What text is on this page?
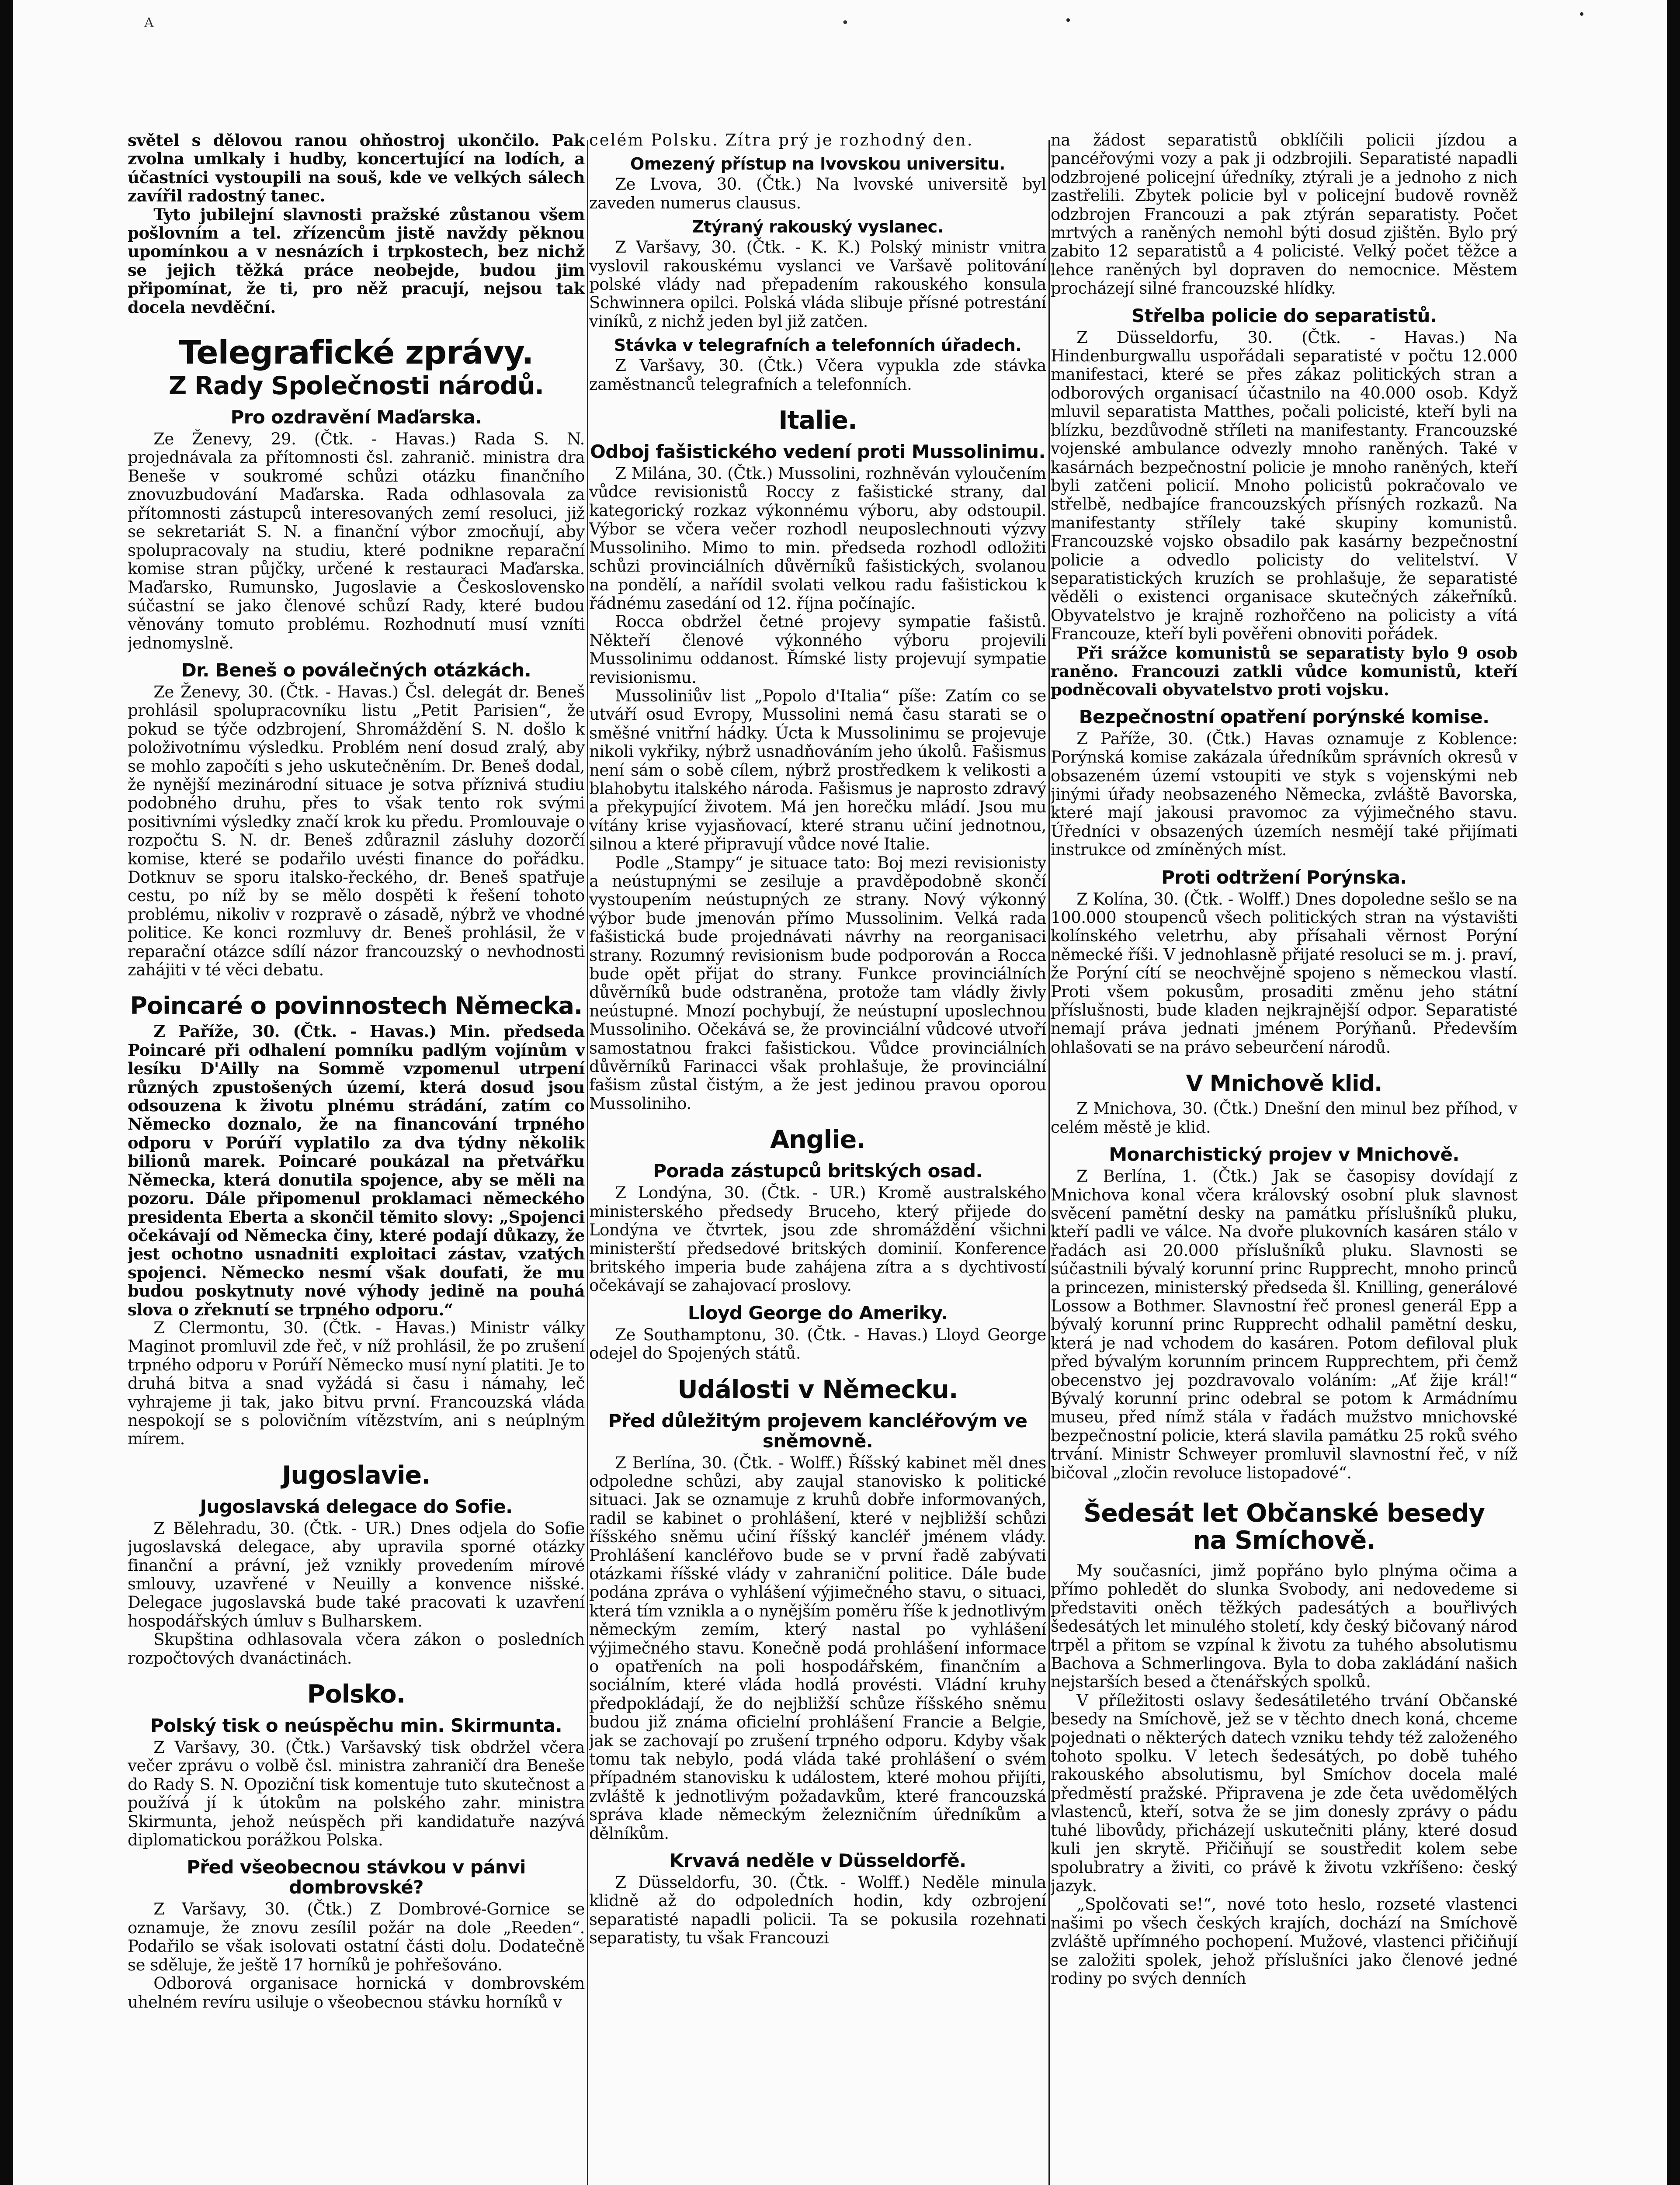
A	•

světel s dělovou ranou ohňostroj ukončilo. Pak zvolna umlkaly i hudby, koncertující na lodích, a účastníci vystoupili na souš, kde ve velkých sálech zavířil radostný tanec.

Tyto jubilejní slavnosti pražské zůstanou všem pošlovním a tel. zřízencům jistě navždy pěknou upomínkou a v nesnázích i trpkostech, bez nichž se jejich těžká práce neobejde, budou jim připomínat, že ti, pro něž pracují, nejsou tak docela nevděční.

Telegrafické zprávy.
Z Rady Společnosti národů.
Pro ozdravění Maďarska.

Ze Ženevy, 29. (Čtk. - Havas.) Rada S. N. projednávala za přítomnosti čsl. zahranič. ministra dra Beneše v soukromé schůzi otázku finančního znovuzbudování Maďarska. Rada odhlasovala za přítomnosti zástupců interesovaných zemí resoluci, již se sekretariát S. N. a finanční výbor zmocňují, aby spolupracovaly na studiu, které podnikne reparační komise stran půjčky, určené k restauraci Maďarska. Maďarsko, Rumunsko, Jugoslavie a Československo súčastní se jako členové schůzí Rady, které budou věnovány tomuto problému. Rozhodnutí musí vzníti jednomyslně.

Dr. Beneš o poválečných otázkách.

Ze Ženevy, 30. (Čtk. - Havas.) Čsl. delegát dr. Beneš prohlásil spolupracovníku listu „Petit Parisien“, že pokud se týče odzbrojení, Shromáždění S. N. došlo k položivotnímu výsledku. Problém není dosud zralý, aby se mohlo započíti s jeho uskutečněním. Dr. Beneš dodal, že nynější mezinárodní situace je sotva příznivá studiu podobného druhu, přes to však tento rok svými positivními výsledky značí krok ku předu. Promlouvaje o rozpočtu S. N. dr. Beneš zdůraznil zásluhy dozorčí komise, které se podařilo uvésti finance do pořádku. Dotknuv se sporu italsko-řeckého, dr. Beneš spatřuje cestu, po níž by se mělo dospěti k řešení tohoto problému, nikoliv v rozpravě o zásadě, nýbrž ve vhodné politice. Ke konci rozmluvy dr. Beneš prohlásil, že v reparační otázce sdílí názor francouzský o nevhodnosti zahájiti v té věci debatu.

Poincaré o povinnostech Německa.

Z Paříže, 30. (Čtk. - Havas.) Min. předseda Poincaré při odhalení pomníku padlým vojínům v lesíku D'Ailly na Sommě vzpomenul utrpení různých zpustošených území, která dosud jsou odsouzena k životu plnému strádání, zatím co Německo doznalo, že na financování trpného odporu v Porúří vyplatilo za dva týdny několik bilionů marek. Poincaré poukázal na přetvářku Německa, která donutila spojence, aby se měli na pozoru. Dále připomenul proklamaci německého presidenta Eberta a skončil těmito slovy: „Spojenci očekávají od Německa činy, které podají důkazy, že jest ochotno usnadniti exploitaci zástav, vzatých spojenci. Německo nesmí však doufati, že mu budou poskytnuty nové výhody jedině na pouhá slova o zřeknutí se trpného odporu.“

Z Clermontu, 30. (Čtk. - Havas.) Ministr války Maginot promluvil zde řeč, v níž prohlásil, že po zrušení trpného odporu v Porúří Německo musí nyní platiti. Je to druhá bitva a snad vyžádá si času i námahy, leč vyhrajeme ji tak, jako bitvu první. Francouzská vláda nespokojí se s polovičním vítězstvím, ani s neúplným mírem.

Jugoslavie.
Jugoslavská delegace do Sofie.

Z Bělehradu, 30. (Čtk. - UR.) Dnes odjela do Sofie jugoslavská delegace, aby upravila sporné otázky finanční a právní, jež vznikly provedením mírové smlouvy, uzavřené v Neuilly a konvence nišské. Delegace jugoslavská bude také pracovati k uzavření hospodářských úmluv s Bulharskem.

Skupština odhlasovala včera zákon o posledních rozpočtových dvanáctinách.

Polsko.
Polský tisk o neúspěchu min. Skirmunta.

Z Varšavy, 30. (Čtk.) Varšavský tisk obdržel včera večer zprávu o volbě čsl. ministra zahraničí dra Beneše do Rady S. N. Opoziční tisk komentuje tuto skutečnost a používá jí k útokům na polského zahr. ministra Skirmunta, jehož neúspěch při kandidatuře nazývá diplomatickou porážkou Polska.

Před všeobecnou stávkou v pánvi dombrovské?

Z Varšavy, 30. (Čtk.) Z Dombrové-Gornice se oznamuje, že znovu zesílil požár na dole „Reeden“. Podařilo se však isolovati ostatní části dolu. Dodatečně se sděluje, že ještě 17 horníků je pohřešováno.

Odborová organisace hornická v dombrovském uhelném revíru usiluje o všeobecnou stávku horníků v

celém Polsku. Zítra prý je rozhodný den.

Omezený přístup na lvovskou universitu.

Ze Lvova, 30. (Čtk.) Na lvovské universitě byl zaveden numerus clausus.

Ztýraný rakouský vyslanec.

Z Varšavy, 30. (Čtk. - K. K.) Polský ministr vnitra vyslovil rakouskému vyslanci ve Varšavě politování polské vlády nad přepadením rakouského konsula Schwinnera opilci. Polská vláda slibuje přísné potrestání viníků, z nichž jeden byl již zatčen.

Stávka v telegrafních a telefonních úřadech.

Z Varšavy, 30. (Čtk.) Včera vypukla zde stávka zaměstnanců telegrafních a telefonních.

Italie.
Odboj fašistického vedení proti Mussolinimu.

Z Milána, 30. (Čtk.) Mussolini, rozhněván vyloučením vůdce revisionistů Roccy z fašistické strany, dal kategorický rozkaz výkonnému výboru, aby odstoupil. Výbor se včera večer rozhodl neuposlechnouti výzvy Mussoliniho. Mimo to min. předseda rozhodl odložiti schůzi provinciálních důvěrníků fašistických, svolanou na pondělí, a nařídil svolati velkou radu fašistickou k řádnému zasedání od 12. října počínajíc.

Rocca obdržel četné projevy sympatie fašistů. Někteří členové výkonného výboru projevili Mussolinimu oddanost. Římské listy projevují sympatie revisionismu.

Mussoliniův list „Popolo d'Italia“ píše: Zatím co se utváří osud Evropy, Mussolini nemá času starati se o směšné vnitřní hádky. Úcta k Mussolinimu se projevuje nikoli vykřiky, nýbrž usnadňováním jeho úkolů. Fašismus není sám o sobě cílem, nýbrž prostředkem k velikosti a blahobytu italského národa. Fašismus je naprosto zdravý a překypující životem. Má jen horečku mládí. Jsou mu vítány krise vyjasňovací, které stranu učiní jednotnou, silnou a které připravují vůdce nové Italie.

Podle „Stampy“ je situace tato: Boj mezi revisionisty a neústupnými se zesiluje a pravděpodobně skončí vystoupením neústupných ze strany. Nový výkonný výbor bude jmenován přímo Mussolinim. Velká rada fašistická bude projednávati návrhy na reorganisaci strany. Rozumný revisionism bude podporován a Rocca bude opět přijat do strany. Funkce provinciálních důvěrníků bude odstraněna, protože tam vládly živly neústupné. Mnozí pochybují, že neústupní uposlechnou Mussoliniho. Očekává se, že provinciální vůdcové utvoří samostatnou frakci fašistickou. Vůdce provinciálních důvěrníků Farinacci však prohlašuje, že provinciální fašism zůstal čistým, a že jest jedinou pravou oporou Mussoliniho.

Anglie.
Porada zástupců britských osad.

Z Londýna, 30. (Čtk. - UR.) Kromě australského ministerského předsedy Bruceho, který přijede do Londýna ve čtvrtek, jsou zde shromáždění všichni ministerští předsedové britských dominií. Konference britského imperia bude zahájena zítra a s dychtivostí očekávají se zahajovací proslovy.

Lloyd George do Ameriky.

Ze Southamptonu, 30. (Čtk. - Havas.) Lloyd George odejel do Spojených států.

Události v Německu.
Před důležitým projevem kancléřovým ve sněmovně.

Z Berlína, 30. (Čtk. - Wolff.) Říšský kabinet měl dnes odpoledne schůzi, aby zaujal stanovisko k politické situaci. Jak se oznamuje z kruhů dobře informovaných, radil se kabinet o prohlášení, které v nejbližší schůzi říšského sněmu učiní říšský kancléř jménem vlády. Prohlášení kancléřovo bude se v první řadě zabývati otázkami říšské vlády v zahraniční politice. Dále bude podána zpráva o vyhlášení výjimečného stavu, o situaci, která tím vznikla a o nynějším poměru říše k jednotlivým německým zemím, který nastal po vyhlášení výjimečného stavu. Konečně podá prohlášení informace o opatřeních na poli hospodářském, finančním a sociálním, které vláda hodlá provésti. Vládní kruhy předpokládají, že do nejbližší schůze říšského sněmu budou již známa oficielní prohlášení Francie a Belgie, jak se zachovají po zrušení trpného odporu. Kdyby však tomu tak nebylo, podá vláda také prohlášení o svém případném stanovisku k událostem, které mohou přijíti, zvláště k jednotlivým požadavkům, které francouzská správa klade německým železničním úředníkům a dělníkům.

Krvavá neděle v Düsseldorfě.

Z Düsseldorfu, 30. (Čtk. - Wolff.) Neděle minula klidně až do odpoledních hodin, kdy ozbrojení separatisté napadli policii. Ta se pokusila rozehnati separatisty, tu však Francouzi

na žádost separatistů obklíčili policii jízdou a pancéřovými vozy a pak ji odzbrojili. Separatisté napadli odzbrojené policejní úředníky, ztýrali je a jednoho z nich zastřelili. Zbytek policie byl v policejní budově rovněž odzbrojen Francouzi a pak ztýrán separatisty. Počet mrtvých a raněných nemohl býti dosud zjištěn. Bylo prý zabito 12 separatistů a 4 policisté. Velký počet těžce a lehce raněných byl dopraven do nemocnice. Městem procházejí silné francouzské hlídky.

Střelba policie do separatistů.

Z Düsseldorfu, 30. (Čtk. - Havas.) Na Hindenburgwallu uspořádali separatisté v počtu 12.000 manifestaci, které se přes zákaz politických stran a odborových organisací účastnilo na 40.000 osob. Když mluvil separatista Matthes, počali policisté, kteří byli na blízku, bezdůvodně stříleti na manifestanty. Francouzské vojenské ambulance odvezly mnoho raněných. Také v kasárnách bezpečnostní policie je mnoho raněných, kteří byli zatčeni policií. Mnoho policistů pokračovalo ve střelbě, nedbajíce francouzských přísných rozkazů. Na manifestanty střílely také skupiny komunistů. Francouzské vojsko obsadilo pak kasárny bezpečnostní policie a odvedlo policisty do velitelství. V separatistických kruzích se prohlašuje, že separatisté věděli o existenci organisace skutečných zákeřníků. Obyvatelstvo je krajně rozhořčeno na policisty a vítá Francouze, kteří byli pověřeni obnoviti pořádek.

Při srážce komunistů se separatisty bylo 9 osob raněno. Francouzi zatkli vůdce komunistů, kteří podněcovali obyvatelstvo proti vojsku.

Bezpečnostní opatření porýnské komise.

Z Paříže, 30. (Čtk.) Havas oznamuje z Koblence: Porýnská komise zakázala úředníkům správních okresů v obsazeném území vstoupiti ve styk s vojenskými neb jinými úřady neobsazeného Německa, zvláště Bavorska, které mají jakousi pravomoc za výjimečného stavu. Úředníci v obsazených územích nesmějí také přijímati instrukce od zmíněných míst.

Proti odtržení Porýnska.

Z Kolína, 30. (Čtk. - Wolff.) Dnes dopoledne sešlo se na 100.000 stoupenců všech politických stran na výstavišti kolínského veletrhu, aby přísahali věrnost Porýní německé říši. V jednohlasně přijaté resoluci se m. j. praví, že Porýní cítí se neochvějně spojeno s německou vlastí. Proti všem pokusům, prosaditi změnu jeho státní příslušnosti, bude kladen nejkrajnější odpor. Separatisté nemají práva jednati jménem Porýňanů. Především ohlašovati se na právo sebeurčení národů.

V Mnichově klid.

Z Mnichova, 30. (Čtk.) Dnešní den minul bez příhod, v celém městě je klid.

Monarchistický projev v Mnichově.

Z Berlína, 1. (Čtk.) Jak se časopisy dovídají z Mnichova konal včera královský osobní pluk slavnost svěcení pamětní desky na památku příslušníků pluku, kteří padli ve válce. Na dvoře plukovních kasáren stálo v řadách asi 20.000 příslušníků pluku. Slavnosti se súčastnili bývalý korunní princ Rupprecht, mnoho princů a princezen, ministerský předseda šl. Knilling, generálové Lossow a Bothmer. Slavnostní řeč pronesl generál Epp a bývalý korunní princ Rupprecht odhalil pamětní desku, která je nad vchodem do kasáren. Potom defiloval pluk před bývalým korunním princem Rupprechtem, při čemž obecenstvo jej pozdravovalo voláním: „Ať žije král!“ Bývalý korunní princ odebral se potom k Armádnímu museu, před nímž stála v řadách mužstvo mnichovské bezpečnostní policie, která slavila památku 25 roků svého trvání. Ministr Schweyer promluvil slavnostní řeč, v níž bičoval „zločin revoluce listopadové“.

Šedesát let Občanské besedy na Smíchově.

My současníci, jimž popřáno bylo plnýma očima a přímo pohledět do slunka Svobody, ani nedovedeme si představiti oněch těžkých padesátých a bouřlivých šedesátých let minulého století, kdy český bičovaný národ trpěl a přitom se vzpínal k životu za tuhého absolutismu Bachova a Schmerlingova. Byla to doba zakládání našich nejstarších besed a čtenářských spolků.

V příležitosti oslavy šedesátiletého trvání Občanské besedy na Smíchově, jež se v těchto dnech koná, chceme pojednati o některých datech vzniku tehdy též založeného tohoto spolku. V letech šedesátých, po době tuhého rakouského absolutismu, byl Smíchov docela malé předměstí pražské. Připravena je zde četa uvědomělých vlastenců, kteří, sotva že se jim donesly zprávy o pádu tuhé libovůdy, přicházejí uskutečniti plány, které dosud kuli jen skrytě. Přičiňují se soustředit kolem sebe spolubratry a živiti, co právě k životu vzkříšeno: český jazyk.

„Spolčovati se!“, nové toto heslo, rozseté vlastenci našimi po všech českých krajích, dochází na Smíchově zvláště upřímného pochopení. Mužové, vlastenci přičiňují se založiti spolek, jehož příslušníci jako členové jedné rodiny po svých denních
